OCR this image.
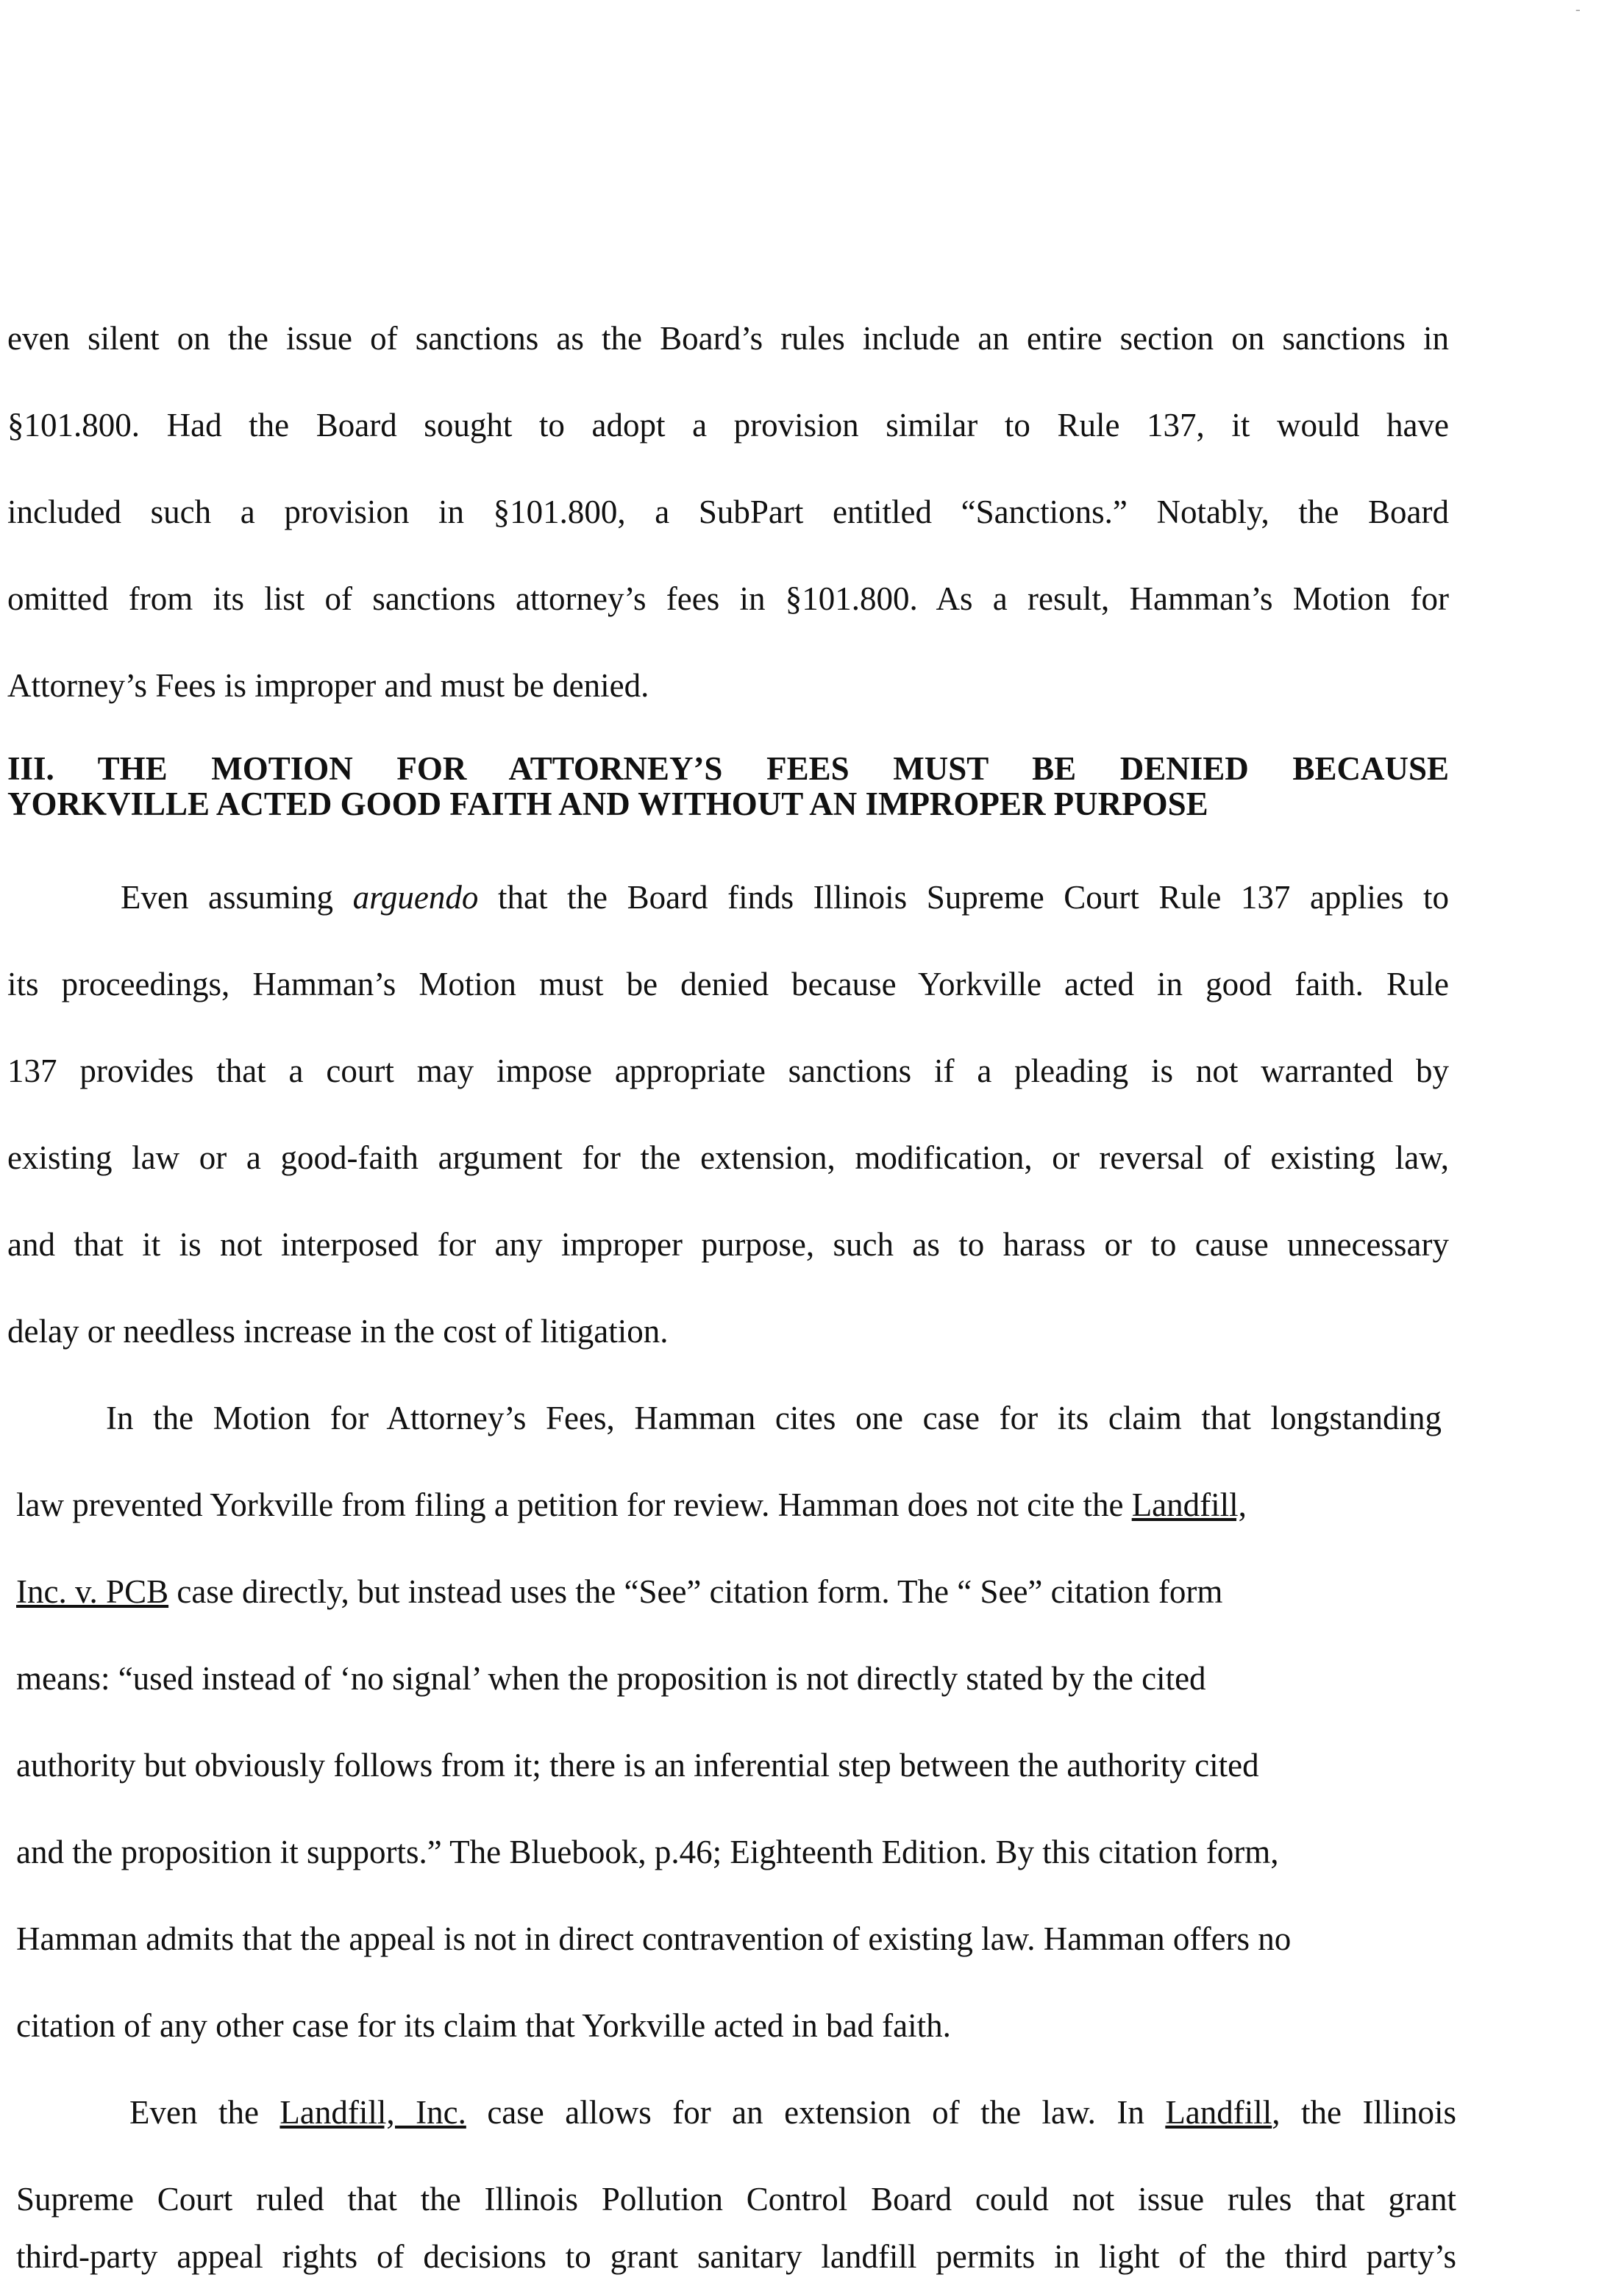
-
even silent on the issue of sanctions as the Board’s rules include an entire section on sanctions in
§101.800. Had the Board sought to adopt a provision similar to Rule 137, it would have
included such a provision in §101.800, a SubPart entitled “Sanctions.” Notably, the Board
omitted from its list of sanctions attorney’s fees in §101.800. As a result, Hamman’s Motion for
Attorney’s Fees is improper and must be denied.
III. THE MOTION FOR ATTORNEY’S FEES MUST BE DENIED BECAUSE
YORKVILLE ACTED GOOD FAITH AND WITHOUT AN IMPROPER PURPOSE
Even assuming arguendo that the Board finds Illinois Supreme Court Rule 137 applies to
its proceedings, Hamman’s Motion must be denied because Yorkville acted in good faith. Rule
137 provides that a court may impose appropriate sanctions if a pleading is not warranted by
existing law or a good-faith argument for the extension, modification, or reversal of existing law,
and that it is not interposed for any improper purpose, such as to harass or to cause unnecessary
delay or needless increase in the cost of litigation.
In the Motion for Attorney’s Fees, Hamman cites one case for its claim that longstanding
law prevented Yorkville from filing a petition for review. Hamman does not cite the Landfill,
Inc. v. PCB case directly, but instead uses the “See” citation form. The “ See” citation form
means: “used instead of ‘no signal’ when the proposition is not directly stated by the cited
authority but obviously follows from it; there is an inferential step between the authority cited
and the proposition it supports.” The Bluebook, p.46; Eighteenth Edition. By this citation form,
Hamman admits that the appeal is not in direct contravention of existing law. Hamman offers no
citation of any other case for its claim that Yorkville acted in bad faith.
Even the Landfill, Inc. case allows for an extension of the law. In Landfill, the Illinois
Supreme Court ruled that the Illinois Pollution Control Board could not issue rules that grant
third-party appeal rights of decisions to grant sanitary landfill permits in light of the third party’s
